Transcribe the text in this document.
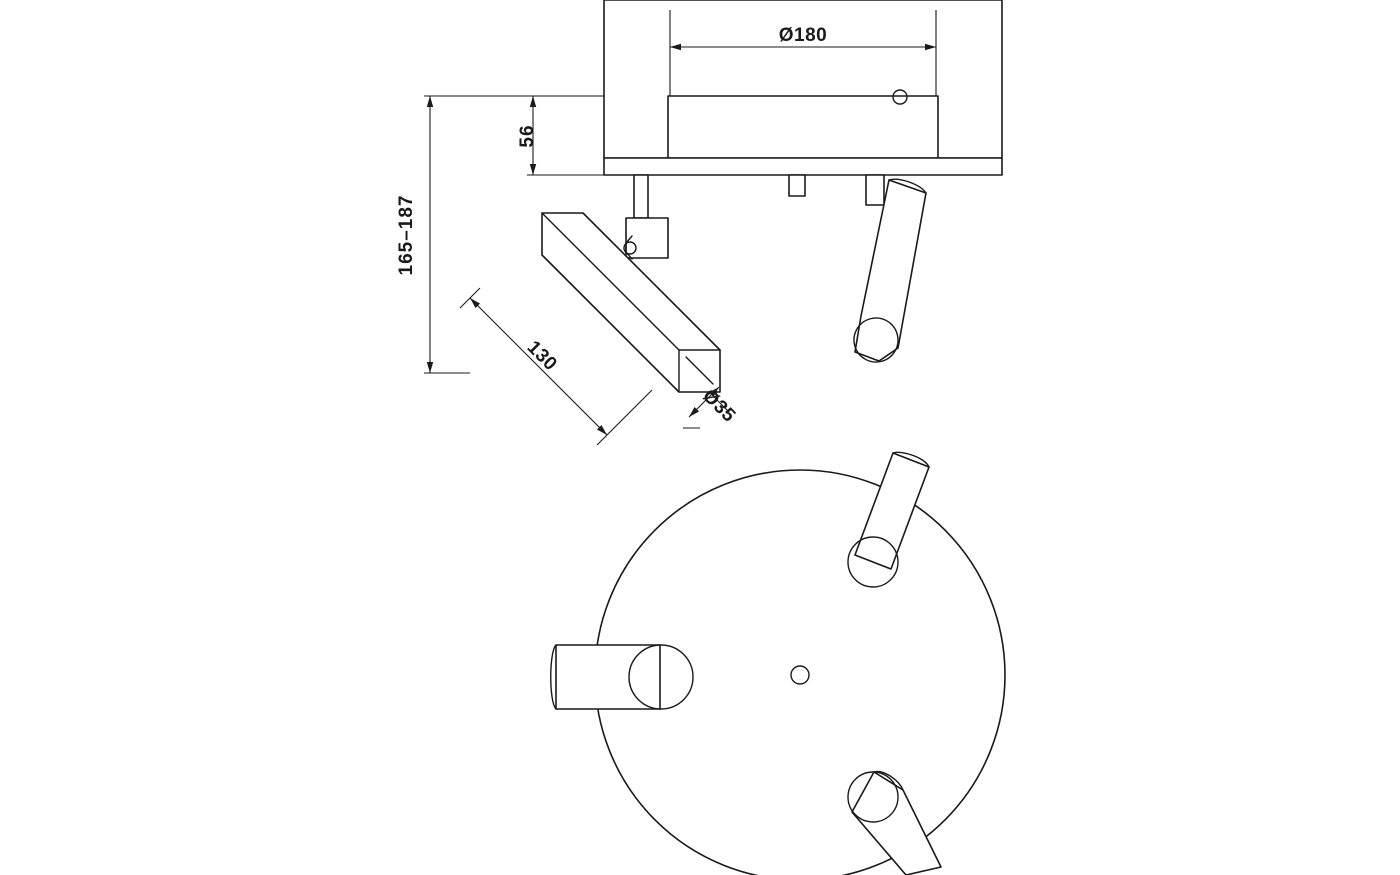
Ø180
56
165–187
130
Ø35
